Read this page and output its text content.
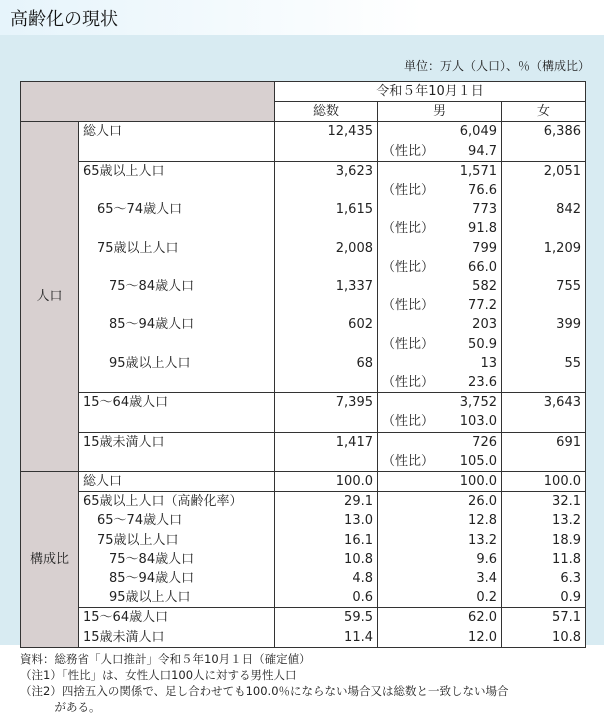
高齢化の現状
単位：万人（人口）、％（構成比）
		令和５年10月１日		
		総数	男	女
人口	総人口	12,435	6,049	6,386

			（性比） 94.7	

	65歳以上人口	3,623	1,571	2,051

			（性比） 76.6	

	65〜74歳人口	1,615	773	842

			（性比） 91.8	

	75歳以上人口	2,008	799	1,209

			（性比） 66.0	

	75〜84歳人口	1,337	582	755

			（性比） 77.2	

	85〜94歳人口	602	203	399

			（性比） 50.9	

	95歳以上人口	68	13	55

			（性比） 23.6	

	15〜64歳人口	7,395	3,752	3,643

			（性比） 103.0	

	15歳未満人口	1,417	726	691

			（性比） 105.0	

構成比	総人口	100.0	100.0	100.0
	65歳以上人口（高齢化率）	29.1	26.0	32.1
	65〜74歳人口	13.0	12.8	13.2
	75歳以上人口	16.1	13.2	18.9
	75〜84歳人口	10.8	9.6	11.8
	85〜94歳人口	4.8	3.4	6.3
	95歳以上人口	0.6	0.2	0.9
	15〜64歳人口	59.5	62.0	57.1
	15歳未満人口	11.4	12.0	10.8
資料：総務省「人口推計」令和５年10月１日（確定値）
（注1）「性比」は、女性人口100人に対する男性人口
（注2）四捨五入の関係で、足し合わせても100.0％にならない場合又は総数と一致しない場合
　　　がある。
